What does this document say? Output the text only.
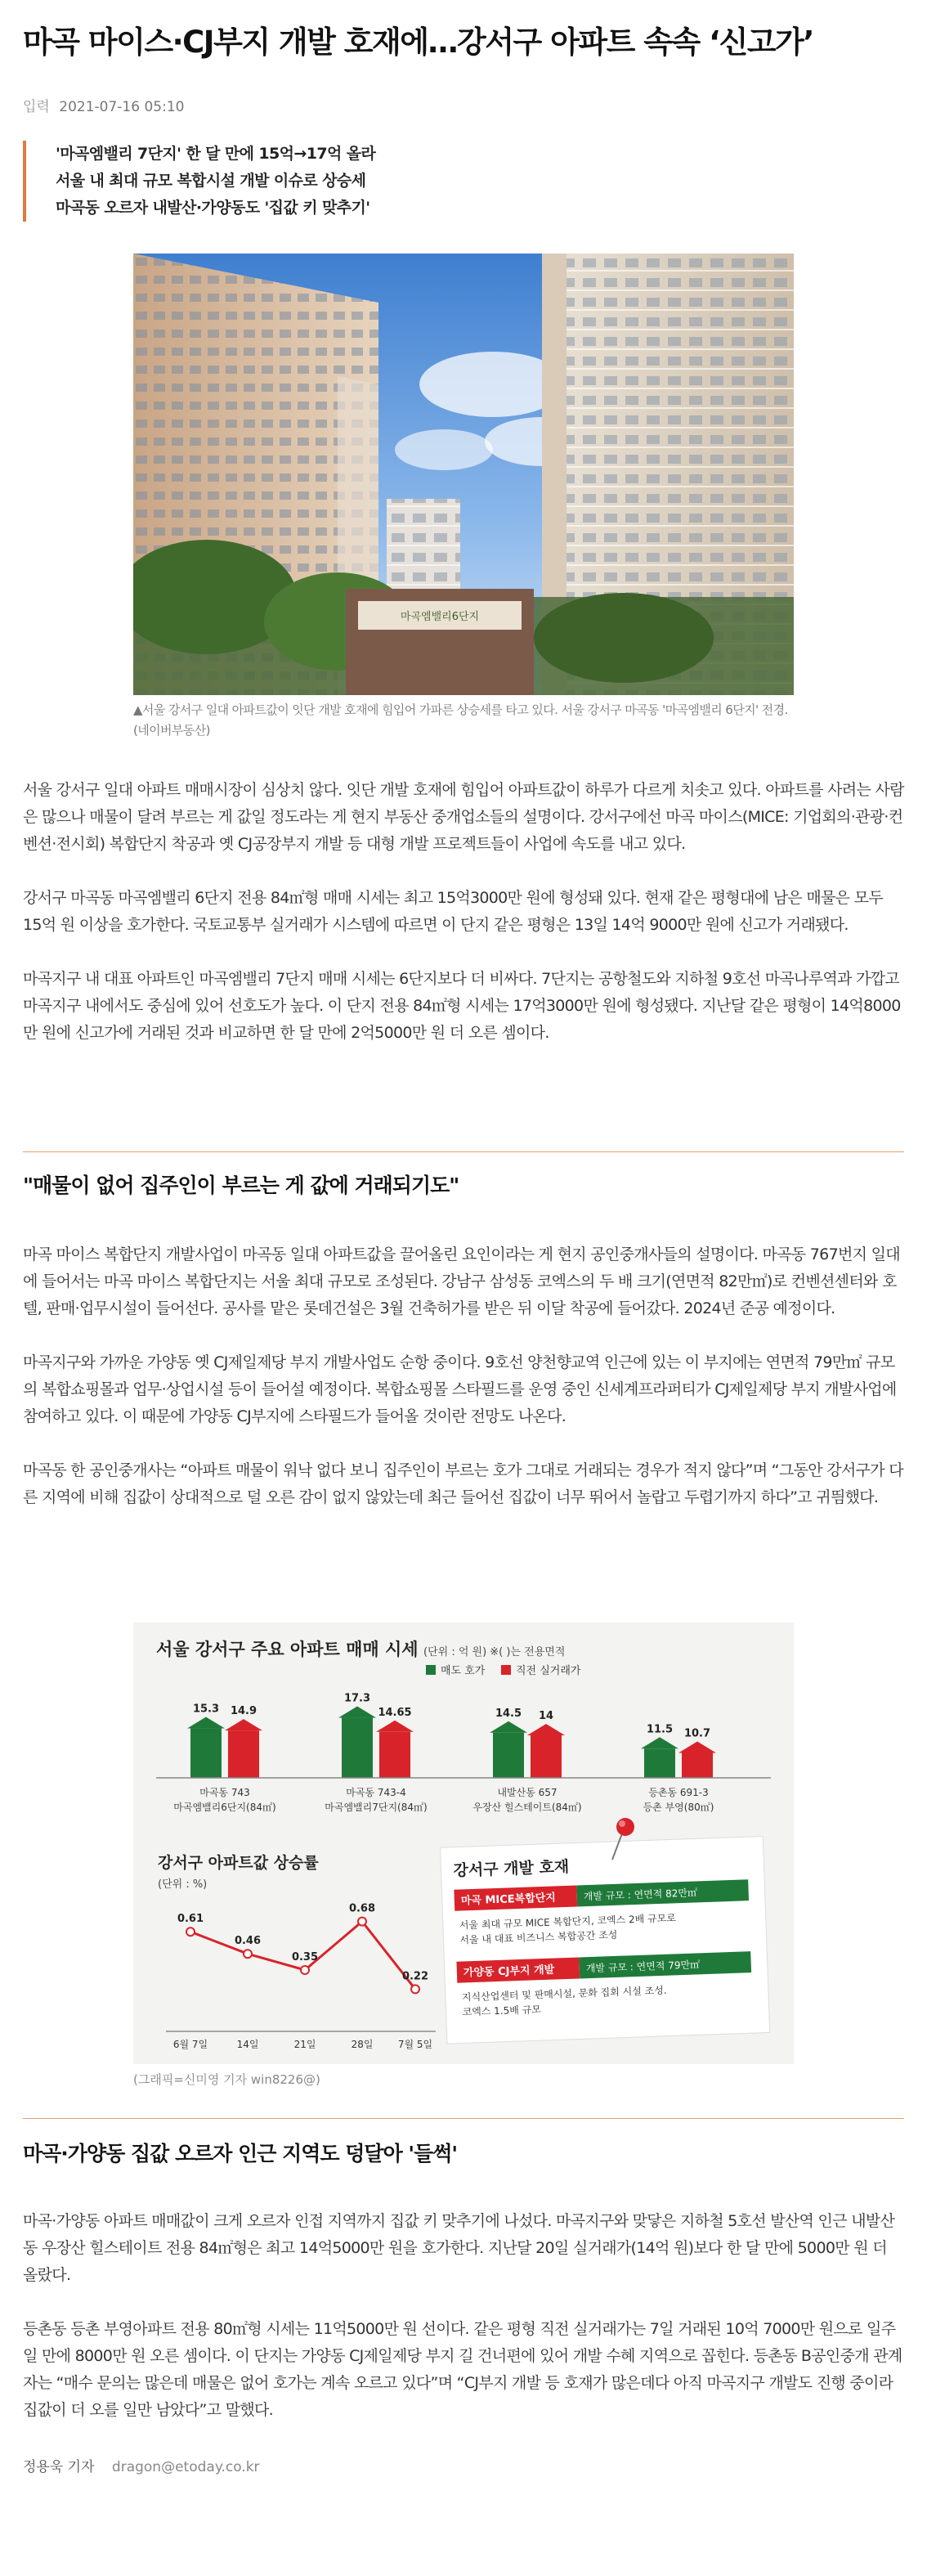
마곡 마이스·CJ부지 개발 호재에…강서구 아파트 속속 ‘신고가’
입력 2021-07-16 05:10
'마곡엠밸리 7단지' 한 달 만에 15억→17억 올라
서울 내 최대 규모 복합시설 개발 이슈로 상승세
마곡동 오르자 내발산·가양동도 '집값 키 맞추기'
마곡엠밸리6단지
▲서울 강서구 일대 아파트값이 잇단 개발 호재에 힘입어 가파른 상승세를 타고 있다. 서울 강서구 마곡동 '마곡엠밸리 6단지' 전경. (네이버부동산)

서울 강서구 일대 아파트 매매시장이 심상치 않다. 잇단 개발 호재에 힘입어 아파트값이 하루가 다르게 치솟고 있다. 아파트를 사려는 사람은 많으나 매물이 달려 부르는 게 값일 정도라는 게 현지 부동산 중개업소들의 설명이다. 강서구에선 마곡 마이스(MICE: 기업회의·관광·컨벤션·전시회) 복합단지 착공과 옛 CJ공장부지 개발 등 대형 개발 프로젝트들이 사업에 속도를 내고 있다.

강서구 마곡동 마곡엠밸리 6단지 전용 84㎡형 매매 시세는 최고 15억3000만 원에 형성돼 있다. 현재 같은 평형대에 남은 매물은 모두 15억 원 이상을 호가한다. 국토교통부 실거래가 시스템에 따르면 이 단지 같은 평형은 13일 14억 9000만 원에 신고가 거래됐다.

마곡지구 내 대표 아파트인 마곡엠밸리 7단지 매매 시세는 6단지보다 더 비싸다. 7단지는 공항철도와 지하철 9호선 마곡나루역과 가깝고 마곡지구 내에서도 중심에 있어 선호도가 높다. 이 단지 전용 84㎡형 시세는 17억3000만 원에 형성됐다. 지난달 같은 평형이 14억8000만 원에 신고가에 거래된 것과 비교하면 한 달 만에 2억5000만 원 더 오른 셈이다.

"매물이 없어 집주인이 부르는 게 값에 거래되기도"

마곡 마이스 복합단지 개발사업이 마곡동 일대 아파트값을 끌어올린 요인이라는 게 현지 공인중개사들의 설명이다. 마곡동 767번지 일대에 들어서는 마곡 마이스 복합단지는 서울 최대 규모로 조성된다. 강남구 삼성동 코엑스의 두 배 크기(연면적 82만㎡)로 컨벤션센터와 호텔, 판매·업무시설이 들어선다. 공사를 맡은 롯데건설은 3월 건축허가를 받은 뒤 이달 착공에 들어갔다. 2024년 준공 예정이다.

마곡지구와 가까운 가양동 옛 CJ제일제당 부지 개발사업도 순항 중이다. 9호선 양천향교역 인근에 있는 이 부지에는 연면적 79만㎡ 규모의 복합쇼핑몰과 업무·상업시설 등이 들어설 예정이다. 복합쇼핑몰 스타필드를 운영 중인 신세계프라퍼티가 CJ제일제당 부지 개발사업에 참여하고 있다. 이 때문에 가양동 CJ부지에 스타필드가 들어올 것이란 전망도 나온다.

마곡동 한 공인중개사는 “아파트 매물이 워낙 없다 보니 집주인이 부르는 호가 그대로 거래되는 경우가 적지 않다”며 “그동안 강서구가 다른 지역에 비해 집값이 상대적으로 덜 오른 감이 없지 않았는데 최근 들어선 집값이 너무 뛰어서 놀랍고 두렵기까지 하다”고 귀띔했다.

서울 강서구 주요 아파트 매매 시세 (단위 : 억 원) ※( )는 전용면적
매도 호가	직전 실거래가
15.3 14.9
마곡동 743
마곡엠밸리6단지(84㎡)
17.3
14.65
마곡동 743-4
마곡엠밸리7단지(84㎡)
14.5 14
내발산동 657
우장산 힐스테이트(84㎡)
11.5 10.7
등촌동 691-3
등촌 부영(80㎡)
강서구 아파트값 상승률
(단위 : %)
0.61
6월 7일
0.46
14일
0.35
21일
0.68
28일
0.22
7월 5일
강서구 개발 호재
마곡 MICE복합단지	개발 규모 : 연면적 82만㎡
서울 최대 규모 MICE 복합단지, 코엑스 2배 규모로
서울 내 대표 비즈니스 복합공간 조성
가양동 CJ부지 개발	개발 규모 : 연면적 79만㎡
지식산업센터 및 판매시설, 문화 집회 시설 조성.
코엑스 1.5배 규모
(그래픽=신미영 기자 win8226@)
마곡·가양동 집값 오르자 인근 지역도 덩달아 '들썩'

마곡·가양동 아파트 매매값이 크게 오르자 인접 지역까지 집값 키 맞추기에 나섰다. 마곡지구와 맞닿은 지하철 5호선 발산역 인근 내발산동 우장산 힐스테이트 전용 84㎡형은 최고 14억5000만 원을 호가한다. 지난달 20일 실거래가(14억 원)보다 한 달 만에 5000만 원 더 올랐다.

등촌동 등촌 부영아파트 전용 80㎡형 시세는 11억5000만 원 선이다. 같은 평형 직전 실거래가는 7일 거래된 10억 7000만 원으로 일주일 만에 8000만 원 오른 셈이다. 이 단지는 가양동 CJ제일제당 부지 길 건너편에 있어 개발 수혜 지역으로 꼽힌다. 등촌동 B공인중개 관계자는 “매수 문의는 많은데 매물은 없어 호가는 계속 오르고 있다”며 “CJ부지 개발 등 호재가 많은데다 아직 마곡지구 개발도 진행 중이라 집값이 더 오를 일만 남았다”고 말했다.

정용욱 기자 dragon@etoday.co.kr
